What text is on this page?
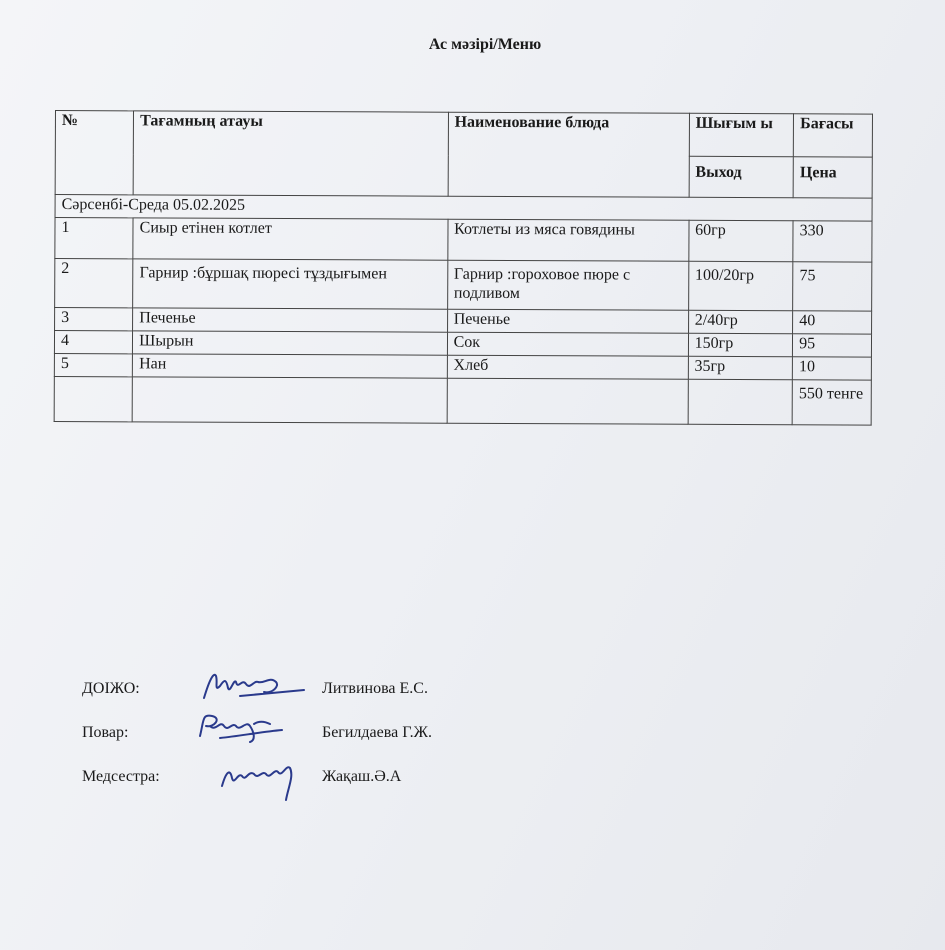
Ас мәзірі/Меню
№	Тағамның атауы	Наименование блюда	Шығым ы	Бағасы
			Выход	Цена
Сәрсенбі-Среда 05.02.2025				
1	Сиыр етінен котлет	Котлеты из мяса говядины	60гр	330
2	Гарнир :бұршақ пюресі тұздығымен	Гарнир :гороховое пюре с подливом	100/20гр	75
3	Печенье	Печенье	2/40гр	40
4	Шырын	Сок	150гр	95
5	Нан	Хлеб	35гр	10
				550 тенге
ДОІЖО:	Литвинова Е.С.
Повар:	Бегилдаева Г.Ж.
Медсестра:	Жақаш.Ә.А
